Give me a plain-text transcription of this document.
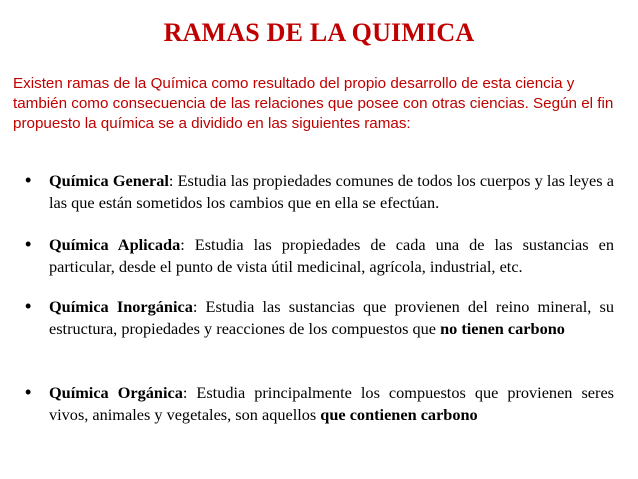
RAMAS DE LA QUIMICA

Existen ramas de la Química como resultado del propio desarrollo de esta ciencia y también como consecuencia de las relaciones que posee con otras ciencias. Según el fin propuesto la química se a dividido en las siguientes ramas:

• Química General: Estudia las propiedades comunes de todos los cuerpos y las leyes a las que están sometidos los cambios que en ella se efectúan.
• Química Aplicada: Estudia las propiedades de cada una de las sustancias en particular, desde el punto de vista útil medicinal, agrícola, industrial, etc.
• Química Inorgánica: Estudia las sustancias que provienen del reino mineral, su estructura, propiedades y reacciones de los compuestos que no tienen carbono
• Química Orgánica: Estudia principalmente los compuestos que provienen seres vivos, animales y vegetales, son aquellos que contienen carbono
